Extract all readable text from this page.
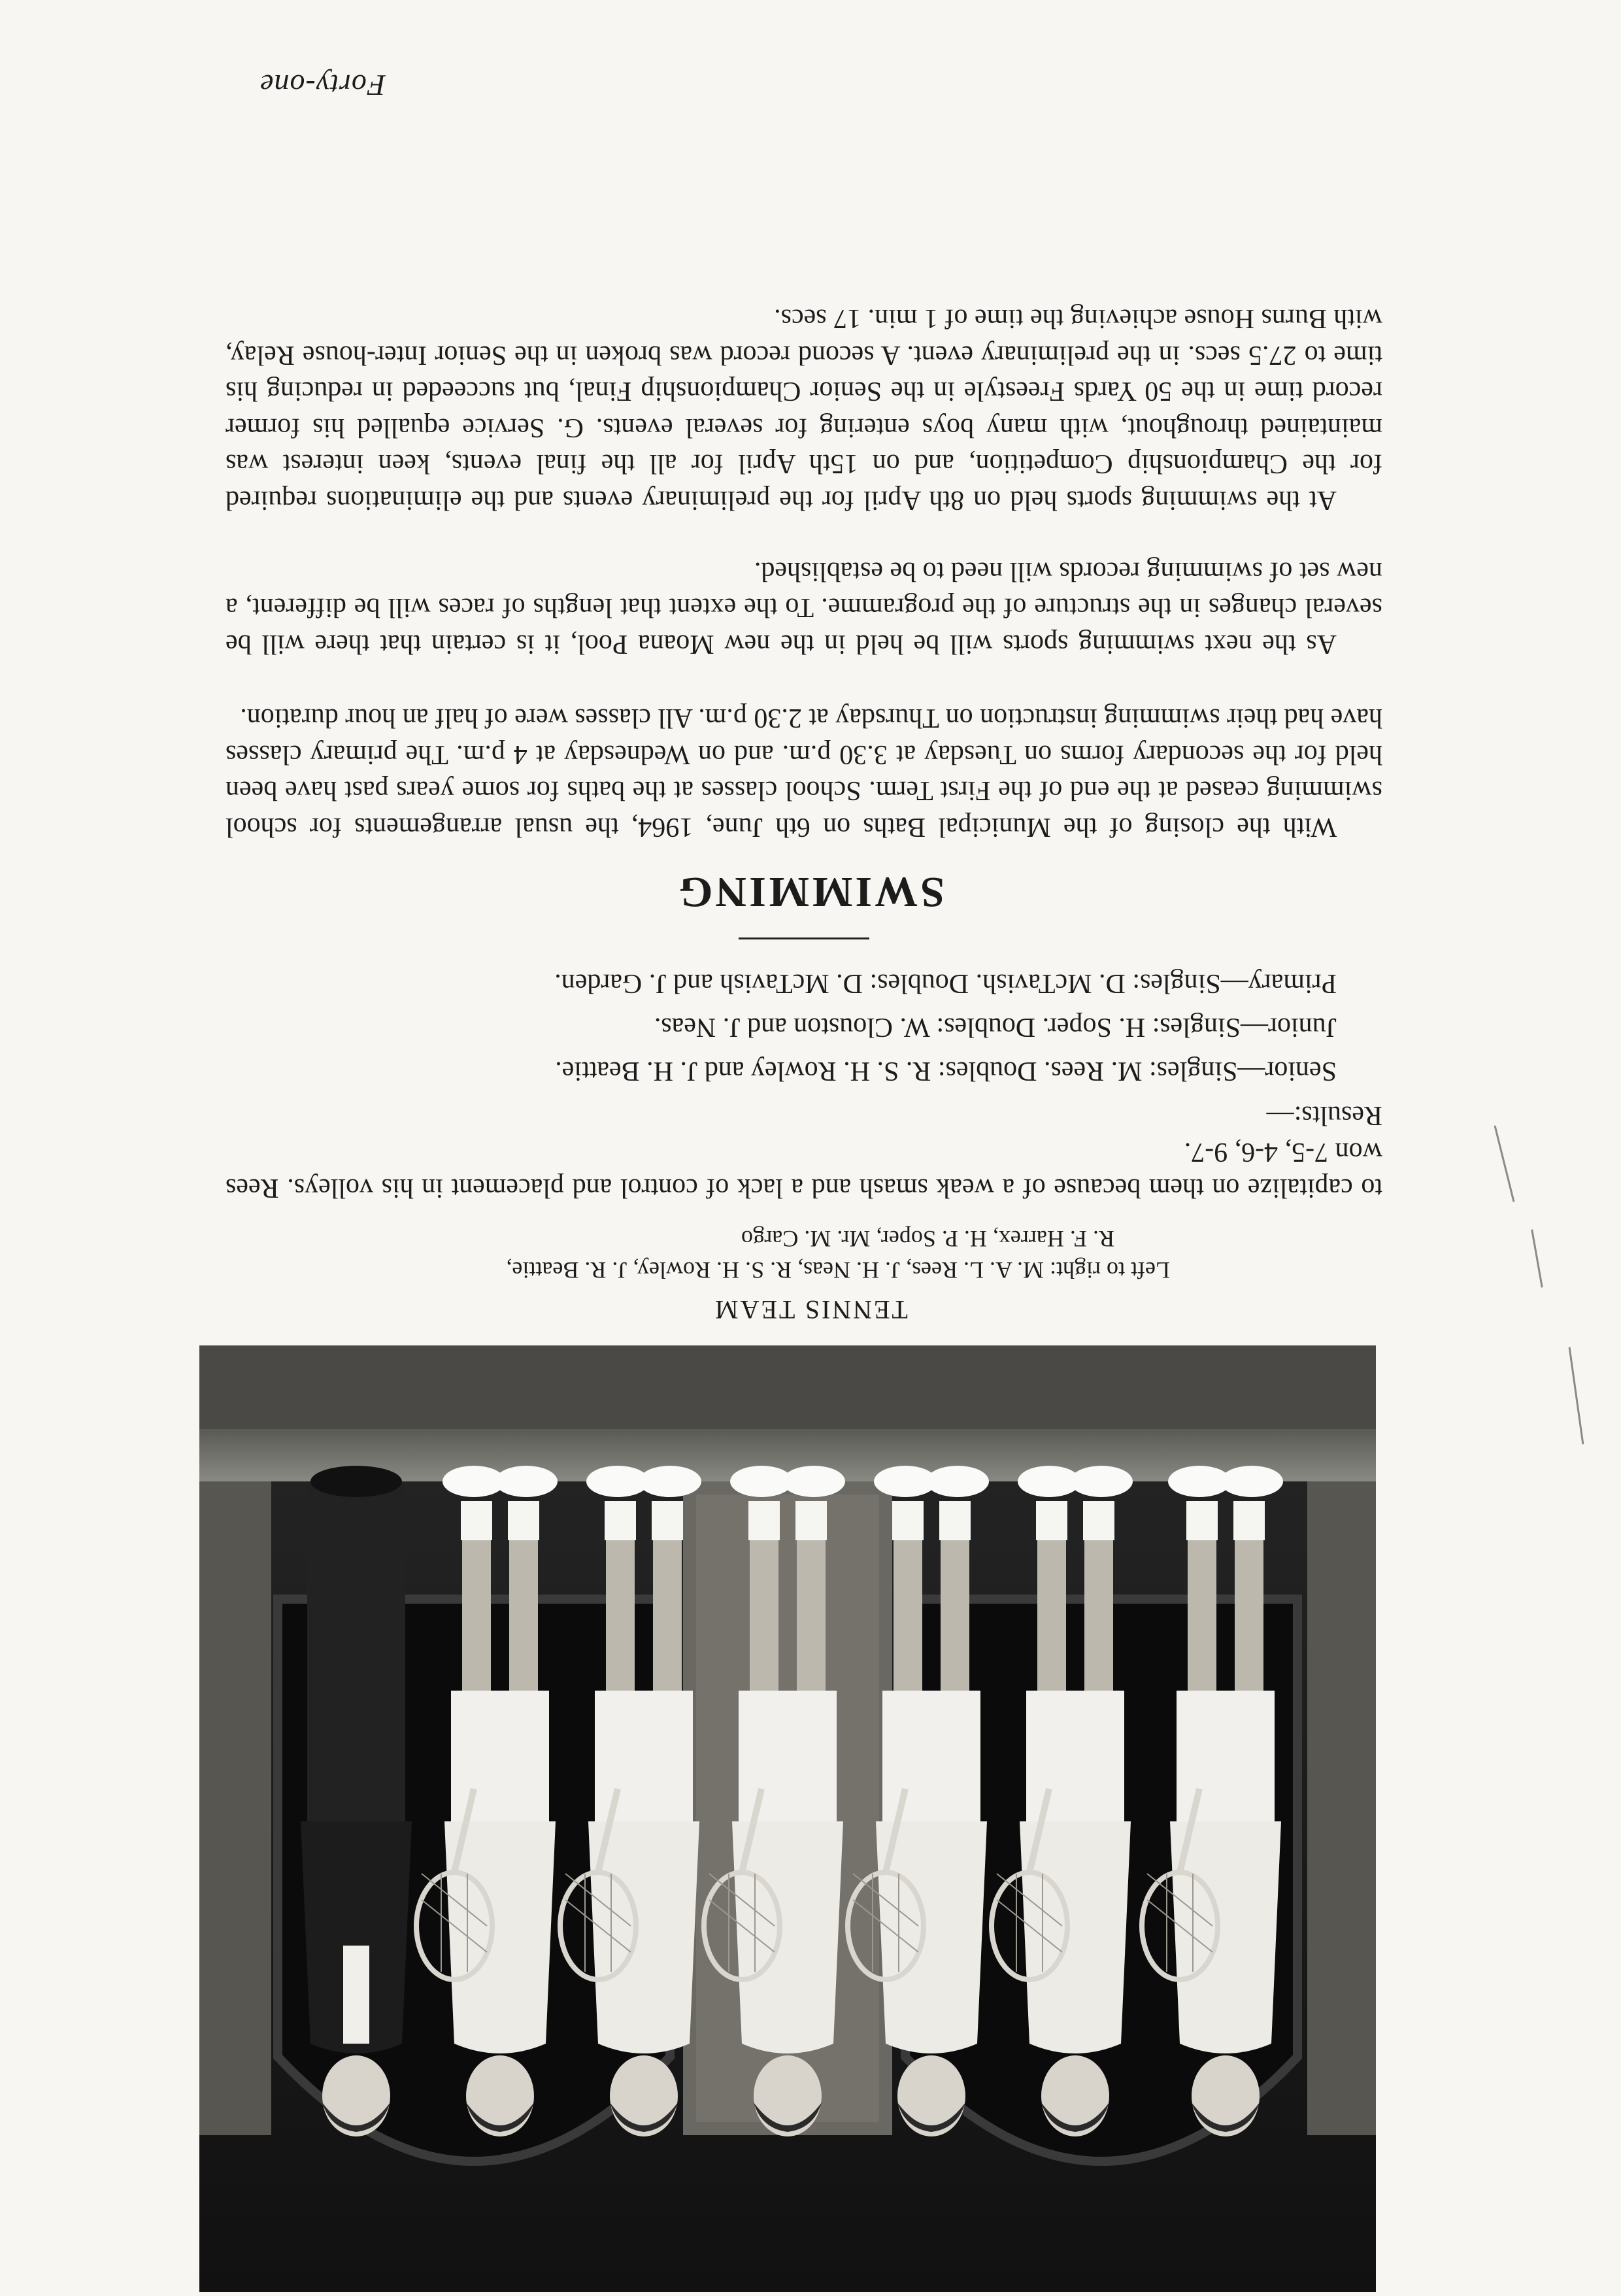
TENNIS TEAM
Left to right: M. A. L. Rees, J. H. Neas, R. S. H. Rowley, J. R. Beattie,
R. F. Harrex, H. P. Soper, Mr. M. Cargo
to capitalize on them because of a weak smash and a lack of control and placement in his volleys. Rees won 7-5, 4-6, 9-7.
Results:—
Senior—Singles: M. Rees. Doubles: R. S. H. Rowley and J. H. Beattie.
Junior—Singles: H. Soper. Doubles: W. Clouston and J. Neas.
Primary—Singles: D. McTavish. Doubles: D. McTavish and J. Garden.
SWIMMING

With the closing of the Municipal Baths on 6th June, 1964, the usual arrangements for school swimming ceased at the end of the First Term. School classes at the baths for some years past have been held for the secondary forms on Tuesday at 3.30 p.m. and on Wednesday at 4 p.m. The primary classes have had their swimming instruction on Thursday at 2.30 p.m. All classes were of half an hour duration.

Forty-one

As the next swimming sports will be held in the new Moana Pool, it is certain that there will be several changes in the structure of the programme. To the extent that lengths of races will be different, a new set of swimming records will need to be established.

At the swimming sports held on 8th April for the preliminary events and the eliminations required for the Championship Competition, and on 15th April for all the final events, keen interest was maintained throughout, with many boys entering for several events. G. Service equalled his former record time in the 50 Yards Freestyle in the Senior Championship Final, but succeeded in reducing his time to 27.5 secs. in the preliminary event. A second record was broken in the Senior Inter-house Relay, with Burns House achieving the time of 1 min. 17 secs.
